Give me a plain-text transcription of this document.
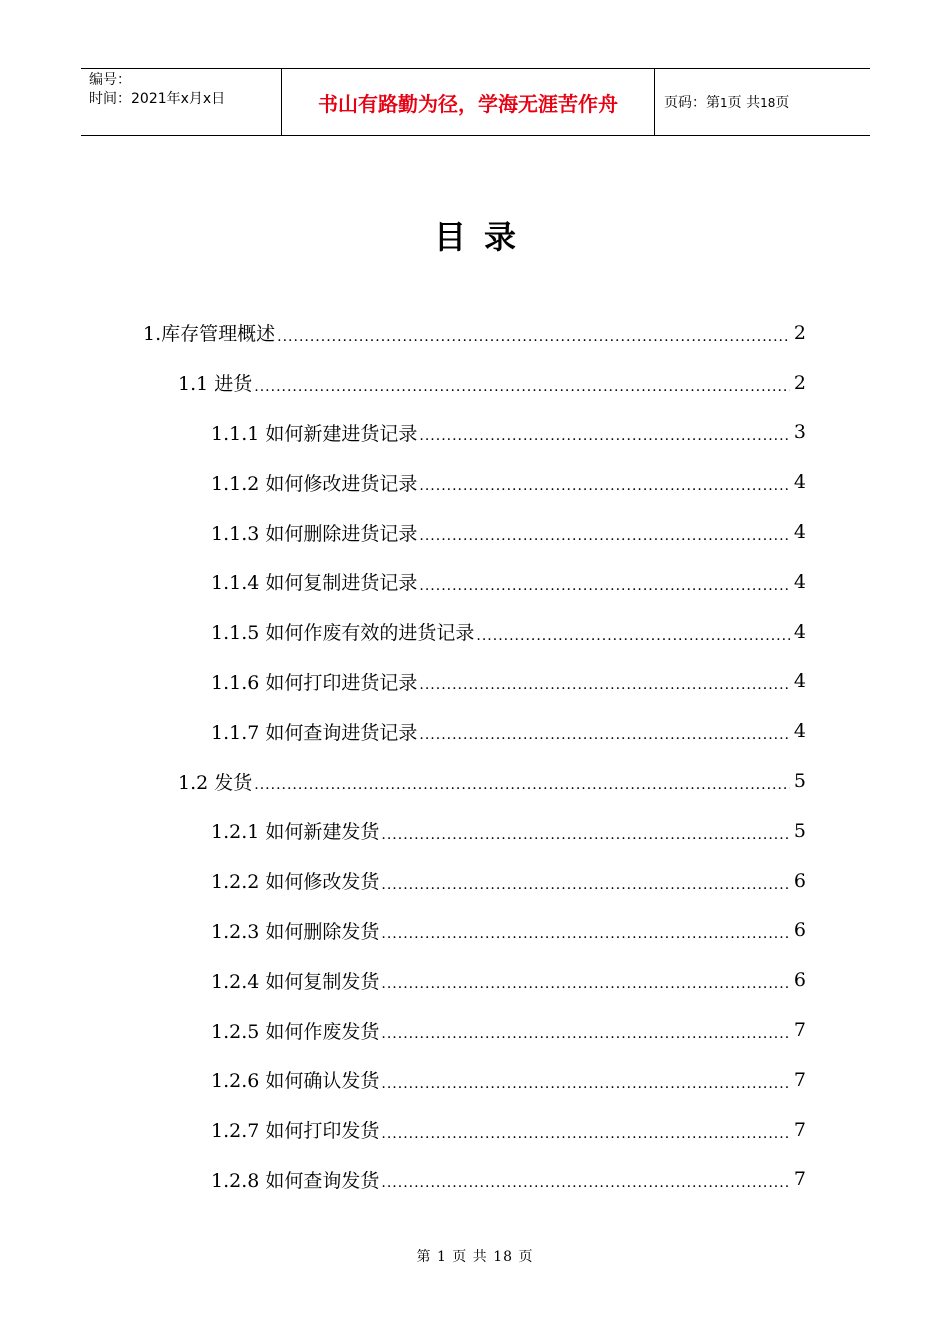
编号：
时间：2021年x月x日	书山有路勤为径，学海无涯苦作舟	页码：第1页 共18页
目录
1.库存管理概述 .....	2
1.1 进货 .....	2
1.1.1 如何新建进货记录 .....	3
1.1.2 如何修改进货记录 .....	4
1.1.3 如何删除进货记录 .....	4
1.1.4 如何复制进货记录 .....	4
1.1.5 如何作废有效的进货记录 .....	4
1.1.6 如何打印进货记录 .....	4
1.1.7 如何查询进货记录 .....	4
1.2 发货 .....	5
1.2.1 如何新建发货 .....	5
1.2.2 如何修改发货 .....	6
1.2.3 如何删除发货 .....	6
1.2.4 如何复制发货 .....	6
1.2.5 如何作废发货 .....	7
1.2.6 如何确认发货 .....	7
1.2.7 如何打印发货 .....	7
1.2.8 如何查询发货 .....	7
第 1 页 共 18 页
